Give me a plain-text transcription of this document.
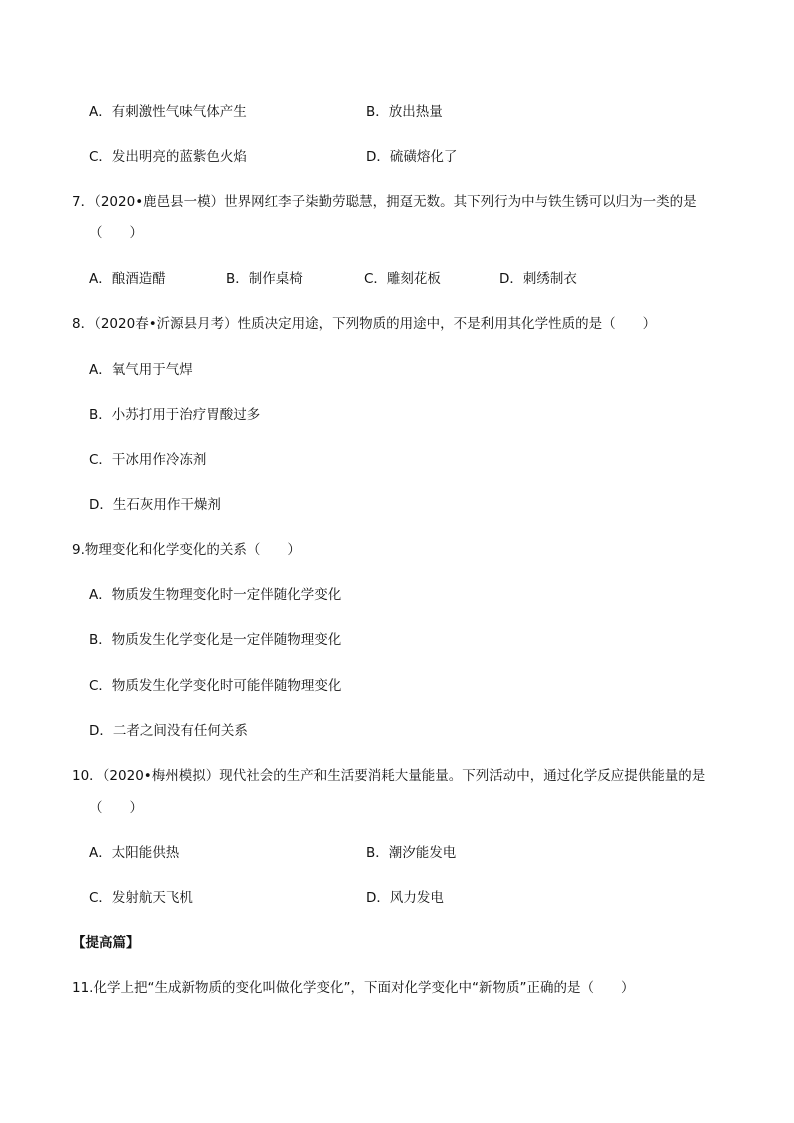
A．有刺激性气味气体产生	B．放出热量
C．发出明亮的蓝紫色火焰	D．硫磺熔化了
7．（2020•鹿邑县一模）世界网红李子柒勤劳聪慧，拥趸无数。其下列行为中与铁生锈可以归为一类的是
（　　）
A．酿酒造醋	B．制作桌椅	C．雕刻花板	D．刺绣制衣
8．（2020春•沂源县月考）性质决定用途，下列物质的用途中，不是利用其化学性质的是（　　）
A．氧气用于气焊
B．小苏打用于治疗胃酸过多
C．干冰用作冷冻剂
D．生石灰用作干燥剂
9.物理变化和化学变化的关系（　　）
A．物质发生物理变化时一定伴随化学变化
B．物质发生化学变化是一定伴随物理变化
C．物质发生化学变化时可能伴随物理变化
D．二者之间没有任何关系
10．（2020•梅州模拟）现代社会的生产和生活要消耗大量能量。下列活动中，通过化学反应提供能量的是
（　　）
A．太阳能供热	B．潮汐能发电
C．发射航天飞机	D．风力发电
【提高篇】
11.化学上把“生成新物质的变化叫做化学变化”，下面对化学变化中“新物质”正确的是（　　）
